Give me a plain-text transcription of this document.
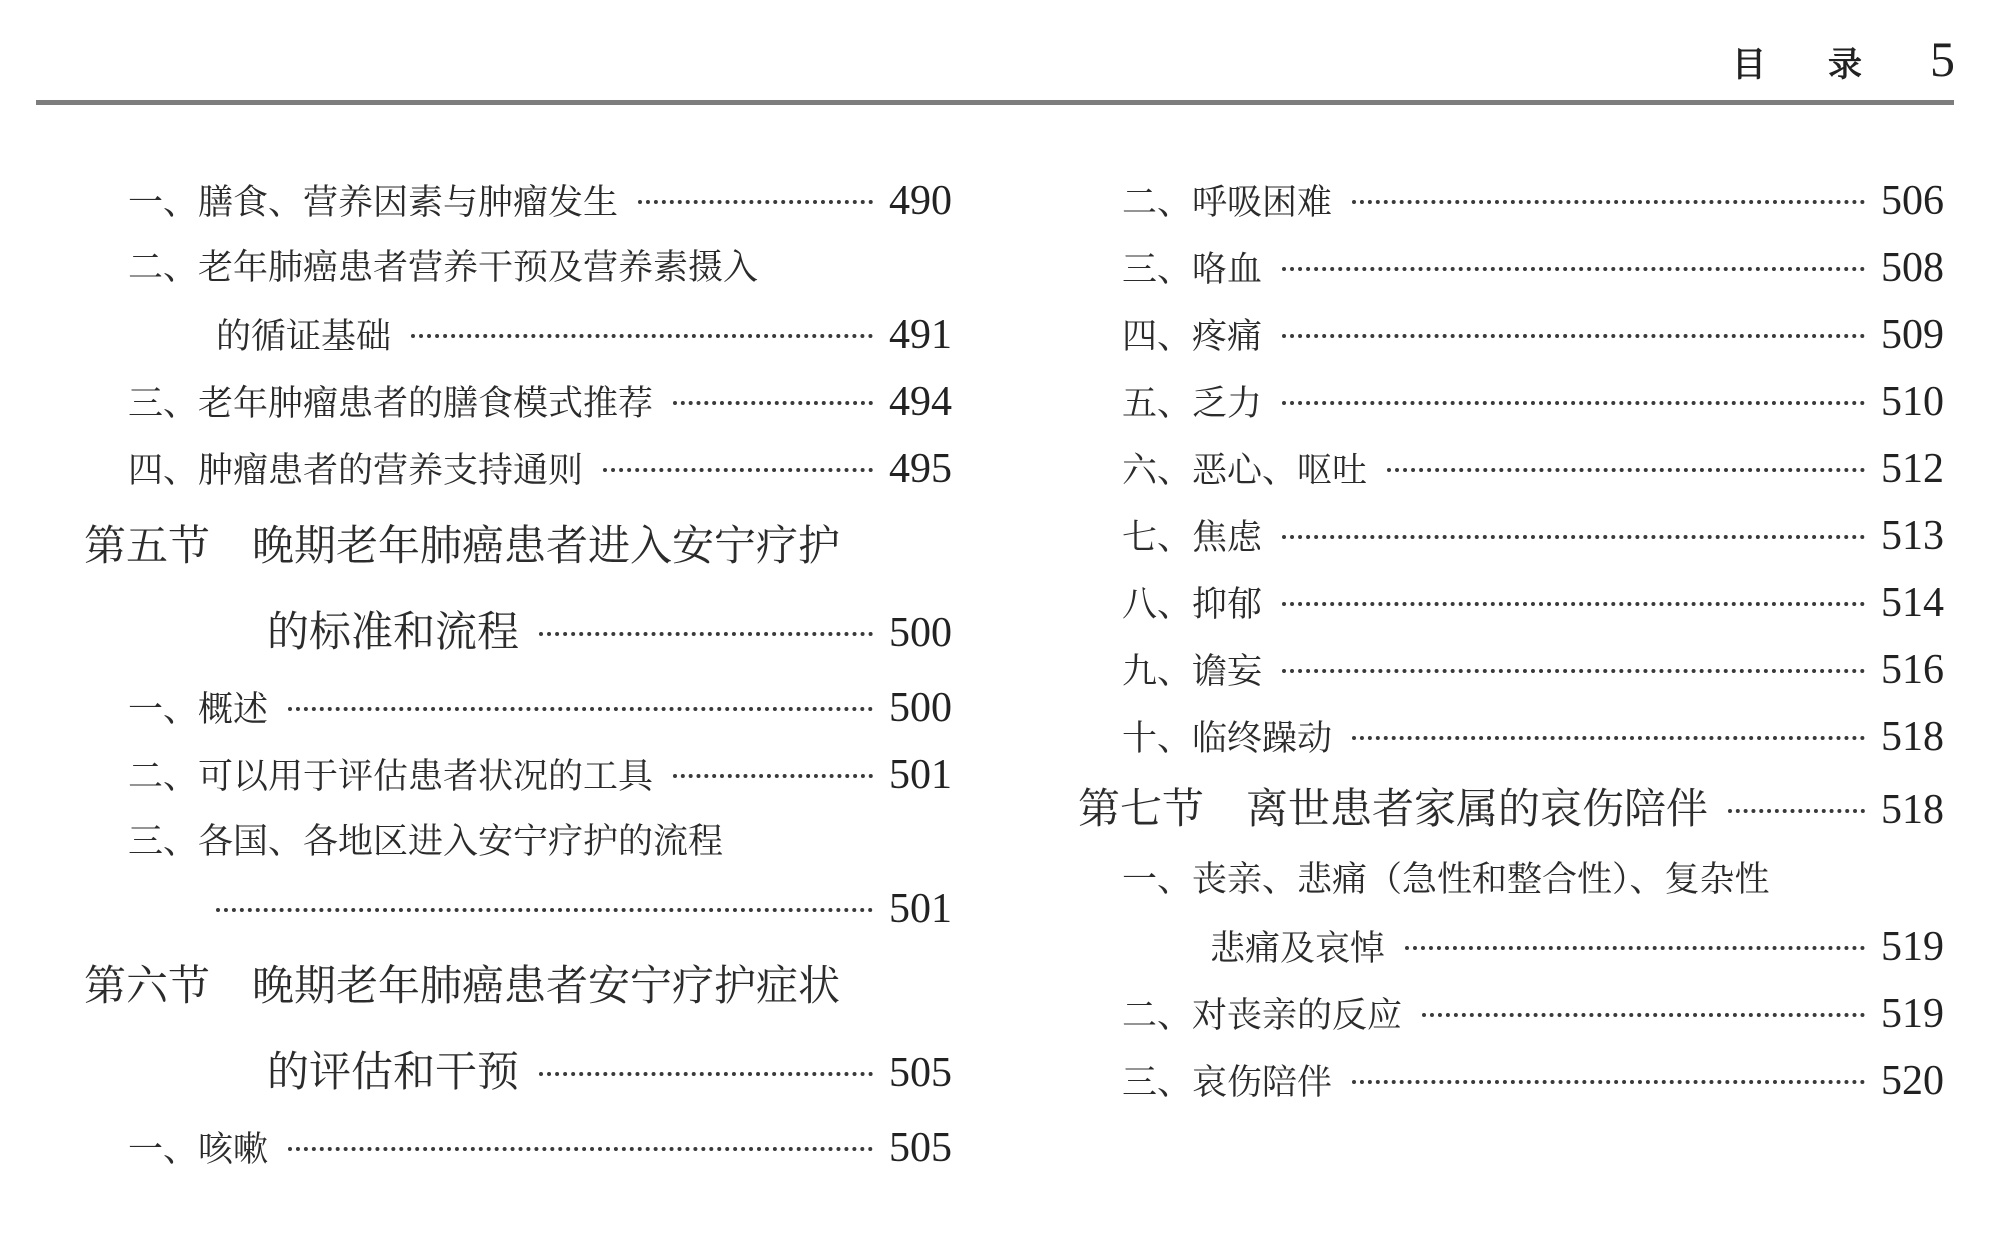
目录 5
一、膳食、营养因素与肿瘤发生	490
二、老年肺癌患者营养干预及营养素摄入
的循证基础	491
三、老年肿瘤患者的膳食模式推荐	494
四、肿瘤患者的营养支持通则	495
第五节　晚期老年肺癌患者进入安宁疗护
的标准和流程	500
一、概述	500
二、可以用于评估患者状况的工具	501
三、各国、各地区进入安宁疗护的流程
501
第六节　晚期老年肺癌患者安宁疗护症状
的评估和干预	505
一、咳嗽	505
二、呼吸困难	506
三、咯血	508
四、疼痛	509
五、乏力	510
六、恶心、呕吐	512
七、焦虑	513
八、抑郁	514
九、谵妄	516
十、临终躁动	518
第七节　离世患者家属的哀伤陪伴	518
一、丧亲、悲痛（急性和整合性）、复杂性
悲痛及哀悼	519
二、对丧亲的反应	519
三、哀伤陪伴	520
